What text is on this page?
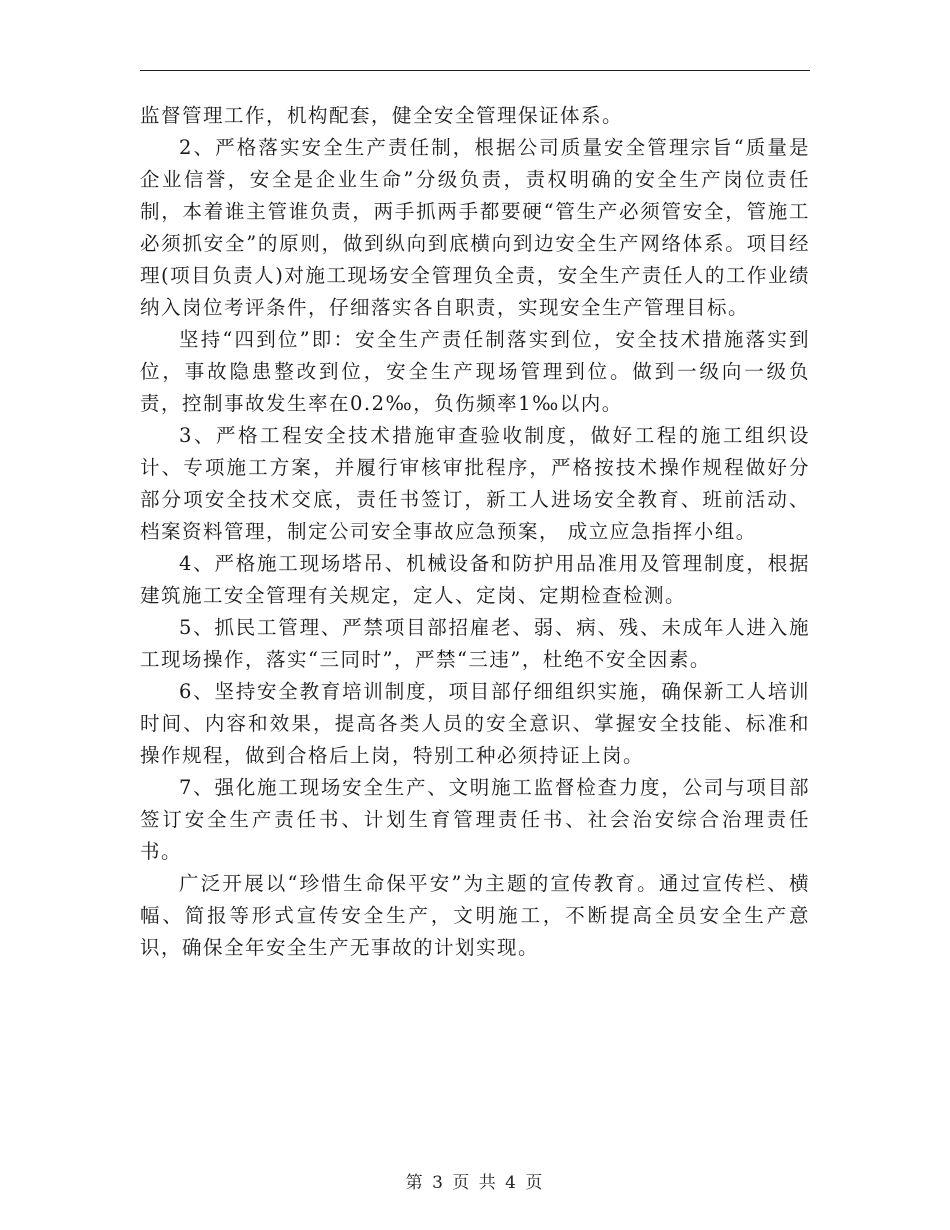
监督管理工作，机构配套，健全安全管理保证体系。

2、严格落实安全生产责任制，根据公司质量安全管理宗旨“质量是企业信誉，安全是企业生命”分级负责，责权明确的安全生产岗位责任制，本着谁主管谁负责，两手抓两手都要硬“管生产必须管安全，管施工必须抓安全”的原则，做到纵向到底横向到边安全生产网络体系。项目经理(项目负责人)对施工现场安全管理负全责，安全生产责任人的工作业绩纳入岗位考评条件，仔细落实各自职责，实现安全生产管理目标。

坚持“四到位”即：安全生产责任制落实到位，安全技术措施落实到位，事故隐患整改到位，安全生产现场管理到位。做到一级向一级负责，控制事故发生率在0.2‰，负伤频率1‰以内。

3、严格工程安全技术措施审查验收制度，做好工程的施工组织设计、专项施工方案，并履行审核审批程序，严格按技术操作规程做好分部分项安全技术交底，责任书签订，新工人进场安全教育、班前活动、档案资料管理，制定公司安全事故应急预案， 成立应急指挥小组。

4、严格施工现场塔吊、机械设备和防护用品准用及管理制度，根据建筑施工安全管理有关规定，定人、定岗、定期检查检测。

5、抓民工管理、严禁项目部招雇老、弱、病、残、未成年人进入施工现场操作，落实“三同时”，严禁“三违”，杜绝不安全因素。

6、坚持安全教育培训制度，项目部仔细组织实施，确保新工人培训时间、内容和效果，提高各类人员的安全意识、掌握安全技能、标准和操作规程，做到合格后上岗，特别工种必须持证上岗。

7、强化施工现场安全生产、文明施工监督检查力度，公司与项目部签订安全生产责任书、计划生育管理责任书、社会治安综合治理责任书。

广泛开展以“珍惜生命保平安”为主题的宣传教育。通过宣传栏、横幅、简报等形式宣传安全生产，文明施工，不断提高全员安全生产意识，确保全年安全生产无事故的计划实现。

第 3 页 共 4 页
